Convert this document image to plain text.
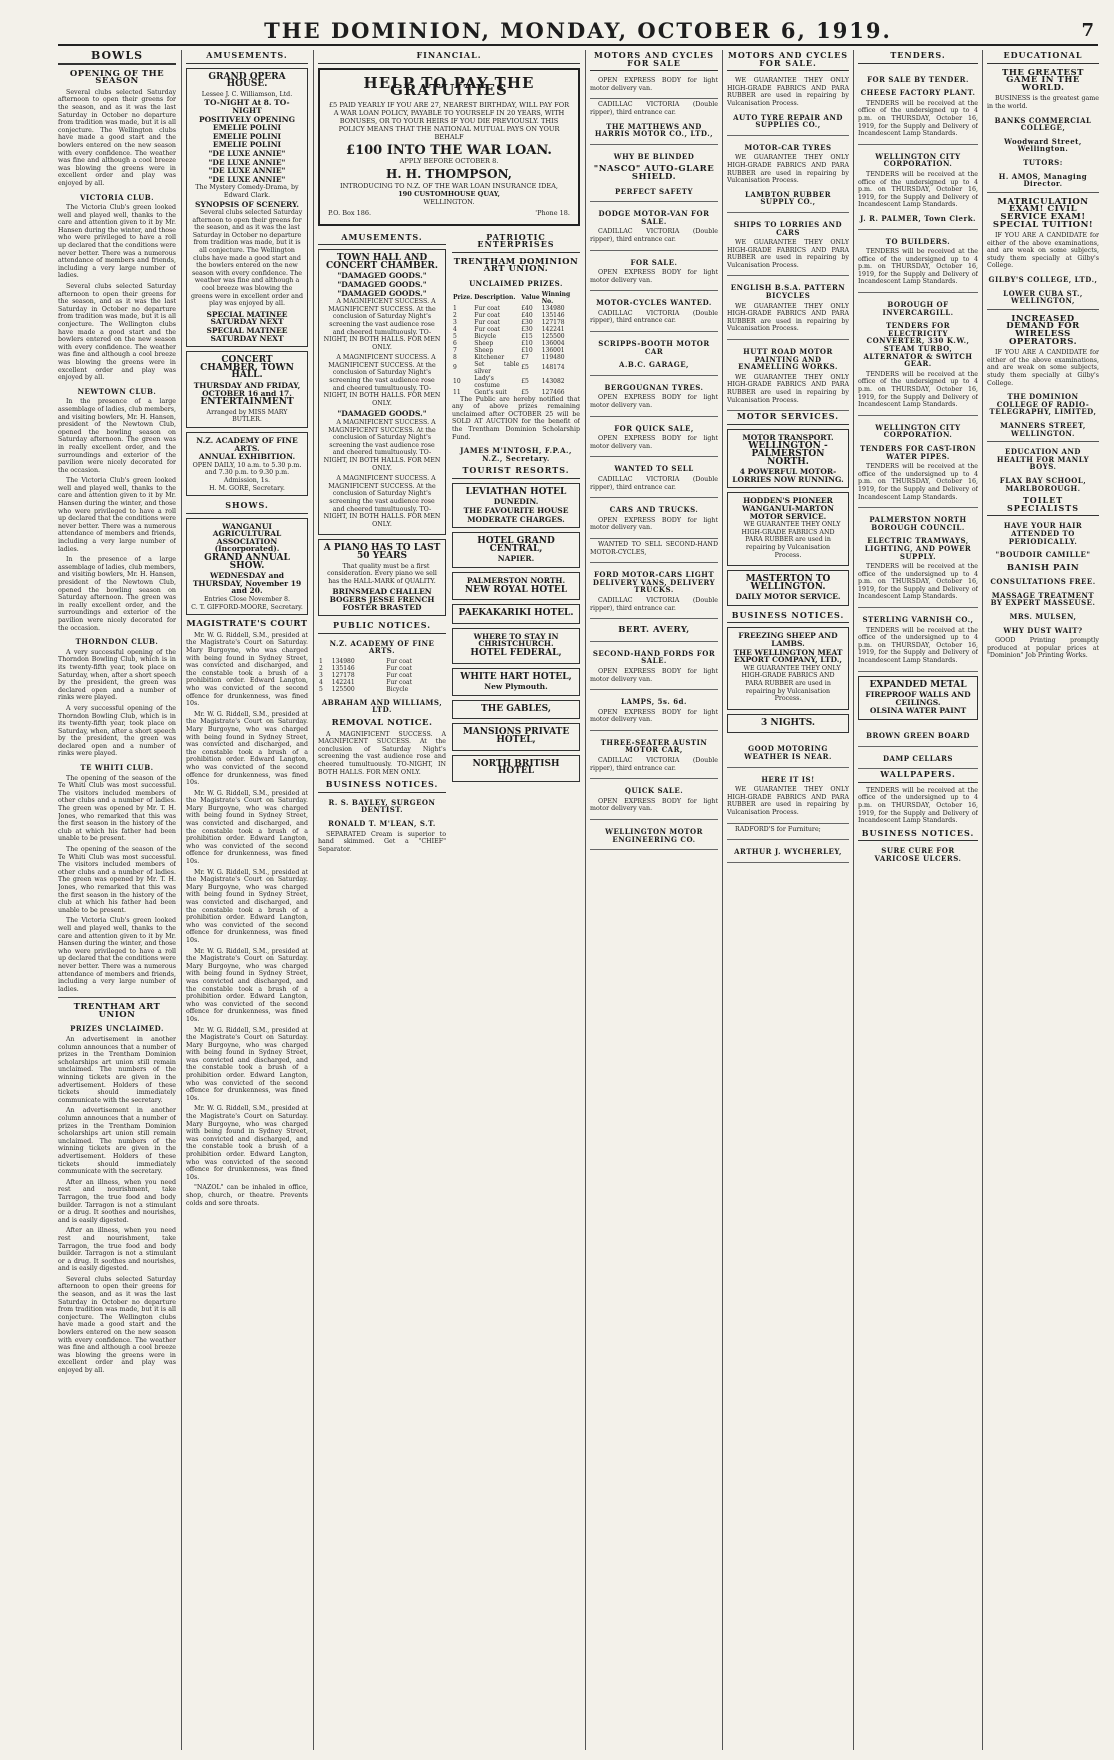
THE DOMINION, MONDAY, OCTOBER 6, 1919.	7
BOWLS
OPENING OF THE SEASON

Several clubs selected Saturday afternoon to open their greens for the season, and as it was the last Saturday in October no departure from tradition was made, but it is all conjecture. The Wellington clubs have made a good start and the bowlers entered on the new season with every confidence. The weather was fine and although a cool breeze was blowing the greens were in excellent order and play was enjoyed by all.

VICTORIA CLUB.

The Victoria Club's green looked well and played well, thanks to the care and attention given to it by Mr. Hansen during the winter, and those who were privileged to have a roll up declared that the conditions were never better. There was a numerous attendance of members and friends, including a very large number of ladies.

Several clubs selected Saturday afternoon to open their greens for the season, and as it was the last Saturday in October no departure from tradition was made, but it is all conjecture. The Wellington clubs have made a good start and the bowlers entered on the new season with every confidence. The weather was fine and although a cool breeze was blowing the greens were in excellent order and play was enjoyed by all.

NEWTOWN CLUB.

In the presence of a large assemblage of ladies, club members, and visiting bowlers, Mr. H. Hansen, president of the Newtown Club, opened the bowling season on Saturday afternoon. The green was in really excellent order, and the surroundings and exterior of the pavilion were nicely decorated for the occasion.

The Victoria Club's green looked well and played well, thanks to the care and attention given to it by Mr. Hansen during the winter, and those who were privileged to have a roll up declared that the conditions were never better. There was a numerous attendance of members and friends, including a very large number of ladies.

In the presence of a large assemblage of ladies, club members, and visiting bowlers, Mr. H. Hansen, president of the Newtown Club, opened the bowling season on Saturday afternoon. The green was in really excellent order, and the surroundings and exterior of the pavilion were nicely decorated for the occasion.

THORNDON CLUB.

A very successful opening of the Thorndon Bowling Club, which is in its twenty-fifth year, took place on Saturday, when, after a short speech by the president, the green was declared open and a number of rinks were played.

A very successful opening of the Thorndon Bowling Club, which is in its twenty-fifth year, took place on Saturday, when, after a short speech by the president, the green was declared open and a number of rinks were played.

TE WHITI CLUB.

The opening of the season of the Te Whiti Club was most successful. The visitors included members of other clubs and a number of ladies. The green was opened by Mr. T. H. Jones, who remarked that this was the first season in the history of the club at which his father had been unable to be present.

The opening of the season of the Te Whiti Club was most successful. The visitors included members of other clubs and a number of ladies. The green was opened by Mr. T. H. Jones, who remarked that this was the first season in the history of the club at which his father had been unable to be present.

The Victoria Club's green looked well and played well, thanks to the care and attention given to it by Mr. Hansen during the winter, and those who were privileged to have a roll up declared that the conditions were never better. There was a numerous attendance of members and friends, including a very large number of ladies.

TRENTHAM ART UNION
PRIZES UNCLAIMED.

An advertisement in another column announces that a number of prizes in the Trentham Dominion scholarships art union still remain unclaimed. The numbers of the winning tickets are given in the advertisement. Holders of these tickets should immediately communicate with the secretary.

An advertisement in another column announces that a number of prizes in the Trentham Dominion scholarships art union still remain unclaimed. The numbers of the winning tickets are given in the advertisement. Holders of these tickets should immediately communicate with the secretary.

After an illness, when you need rest and nourishment, take Tarragon, the true food and body builder. Tarragon is not a stimulant or a drug. It soothes and nourishes, and is easily digested.

After an illness, when you need rest and nourishment, take Tarragon, the true food and body builder. Tarragon is not a stimulant or a drug. It soothes and nourishes, and is easily digested.

Several clubs selected Saturday afternoon to open their greens for the season, and as it was the last Saturday in October no departure from tradition was made, but it is all conjecture. The Wellington clubs have made a good start and the bowlers entered on the new season with every confidence. The weather was fine and although a cool breeze was blowing the greens were in excellent order and play was enjoyed by all.

AMUSEMENTS.
GRAND OPERA HOUSE.
Lessee J. C. Williamson, Ltd.

TO-NIGHT At 8. TO-NIGHT
POSITIVELY OPENING
EMELIE POLINI
EMELIE POLINI
EMELIE POLINI
"DE LUXE ANNIE"
"DE LUXE ANNIE"
"DE LUXE ANNIE"
"DE LUXE ANNIE"
The Mystery Comedy-Drama, by Edward Clark.

SYNOPSIS OF SCENERY.

Several clubs selected Saturday afternoon to open their greens for the season, and as it was the last Saturday in October no departure from tradition was made, but it is all conjecture. The Wellington clubs have made a good start and the bowlers entered on the new season with every confidence. The weather was fine and although a cool breeze was blowing the greens were in excellent order and play was enjoyed by all.

SPECIAL MATINEE SATURDAY NEXT
SPECIAL MATINEE SATURDAY NEXT
CONCERT CHAMBER, TOWN HALL.
THURSDAY AND FRIDAY, OCTOBER 16 and 17.
ENTERTAINMENT
Arranged by MISS MARY BUTLER.
N.Z. ACADEMY OF FINE ARTS.
ANNUAL EXHIBITION.
OPEN DAILY, 10 a.m. to 5.30 p.m. and 7.30 p.m. to 9.30 p.m. Admission, 1s.
H. M. GORE, Secretary.
SHOWS.
WANGANUI AGRICULTURAL ASSOCIATION (Incorporated).
GRAND ANNUAL SHOW.
WEDNESDAY and THURSDAY, November 19 and 20.
Entries Close November 8.
C. T. GIFFORD-MOORE, Secretary.
MAGISTRATE'S COURT

Mr. W. G. Riddell, S.M., presided at the Magistrate's Court on Saturday. Mary Burgoyne, who was charged with being found in Sydney Street, was convicted and discharged, and the constable took a brush of a prohibition order. Edward Langton, who was convicted of the second offence for drunkenness, was fined 10s.

Mr. W. G. Riddell, S.M., presided at the Magistrate's Court on Saturday. Mary Burgoyne, who was charged with being found in Sydney Street, was convicted and discharged, and the constable took a brush of a prohibition order. Edward Langton, who was convicted of the second offence for drunkenness, was fined 10s.

Mr. W. G. Riddell, S.M., presided at the Magistrate's Court on Saturday. Mary Burgoyne, who was charged with being found in Sydney Street, was convicted and discharged, and the constable took a brush of a prohibition order. Edward Langton, who was convicted of the second offence for drunkenness, was fined 10s.

Mr. W. G. Riddell, S.M., presided at the Magistrate's Court on Saturday. Mary Burgoyne, who was charged with being found in Sydney Street, was convicted and discharged, and the constable took a brush of a prohibition order. Edward Langton, who was convicted of the second offence for drunkenness, was fined 10s.

Mr. W. G. Riddell, S.M., presided at the Magistrate's Court on Saturday. Mary Burgoyne, who was charged with being found in Sydney Street, was convicted and discharged, and the constable took a brush of a prohibition order. Edward Langton, who was convicted of the second offence for drunkenness, was fined 10s.

Mr. W. G. Riddell, S.M., presided at the Magistrate's Court on Saturday. Mary Burgoyne, who was charged with being found in Sydney Street, was convicted and discharged, and the constable took a brush of a prohibition order. Edward Langton, who was convicted of the second offence for drunkenness, was fined 10s.

Mr. W. G. Riddell, S.M., presided at the Magistrate's Court on Saturday. Mary Burgoyne, who was charged with being found in Sydney Street, was convicted and discharged, and the constable took a brush of a prohibition order. Edward Langton, who was convicted of the second offence for drunkenness, was fined 10s.

"NAZOL" can be inhaled in office, shop, church, or theatre. Prevents colds and sore throats.

FINANCIAL.
HELP TO PAY THE GRATUITIES
£5 PAID YEARLY IF YOU ARE 27, NEAREST BIRTHDAY, WILL PAY FOR A WAR LOAN POLICY, PAYABLE TO YOURSELF IN 20 YEARS, WITH BONUSES, OR TO YOUR HEIRS IF YOU DIE PREVIOUSLY. THIS POLICY MEANS THAT THE NATIONAL MUTUAL PAYS ON YOUR BEHALF
£100 INTO THE WAR LOAN.
APPLY BEFORE OCTOBER 8.
H. H. THOMPSON,
INTRODUCING TO N.Z. OF THE WAR LOAN INSURANCE IDEA,
190 CUSTOMHOUSE QUAY,
WELLINGTON.
P.O. Box 186.	'Phone 18.
AMUSEMENTS.
TOWN HALL AND CONCERT CHAMBER.
"DAMAGED GOODS."
"DAMAGED GOODS."
"DAMAGED GOODS."

A MAGNIFICENT SUCCESS. A MAGNIFICENT SUCCESS. At the conclusion of Saturday Night's screening the vast audience rose and cheered tumultuously. TO-NIGHT, IN BOTH HALLS. FOR MEN ONLY.

A MAGNIFICENT SUCCESS. A MAGNIFICENT SUCCESS. At the conclusion of Saturday Night's screening the vast audience rose and cheered tumultuously. TO-NIGHT, IN BOTH HALLS. FOR MEN ONLY.

"DAMAGED GOODS."

A MAGNIFICENT SUCCESS. A MAGNIFICENT SUCCESS. At the conclusion of Saturday Night's screening the vast audience rose and cheered tumultuously. TO-NIGHT, IN BOTH HALLS. FOR MEN ONLY.

A MAGNIFICENT SUCCESS. A MAGNIFICENT SUCCESS. At the conclusion of Saturday Night's screening the vast audience rose and cheered tumultuously. TO-NIGHT, IN BOTH HALLS. FOR MEN ONLY.

A PIANO HAS TO LAST 50 YEARS

That quality must be a first consideration. Every piano we sell has the HALL-MARK of QUALITY.

BRINSMEAD CHALLEN BOGERS JESSE FRENCH FOSTER BRASTED
PUBLIC NOTICES.
N.Z. ACADEMY OF FINE ARTS.
1	134980	Fur coat
2	135146	Fur coat
3	127178	Fur coat
4	142241	Fur coat
5	125500	Bicycle
ABRAHAM AND WILLIAMS, LTD.
REMOVAL NOTICE.

A MAGNIFICENT SUCCESS. A MAGNIFICENT SUCCESS. At the conclusion of Saturday Night's screening the vast audience rose and cheered tumultuously. TO-NIGHT, IN BOTH HALLS. FOR MEN ONLY.

BUSINESS NOTICES.
R. S. BAYLEY, SURGEON DENTIST.
RONALD T. M'LEAN, S.T.

SEPARATED Cream is superior to hand skimmed. Get a "CHIEF" Separator.

PATRIOTIC ENTERPRISES
TRENTHAM DOMINION ART UNION.
UNCLAIMED PRIZES.
Prize.	Description.	Value	Winning No.
1	Fur coat	£40	134980
2	Fur coat	£40	135146
3	Fur coat	£30	127178
4	Fur coat	£30	142241
5	Bicycle	£15	125500
6	Sheep	£10	136004
7	Sheep	£10	136001
8	Kitchener	£7	119480
9	Set table silver	£5	148174
10	Lady's costume	£5	143082
11	Gent's suit	£5	127466

The Public are hereby notified that any of above prizes remaining unclaimed after OCTOBER 25 will be SOLD AT AUCTION for the benefit of the Trentham Dominion Scholarship Fund.

JAMES M'INTOSH, F.P.A., N.Z., Secretary.
TOURIST RESORTS.
LEVIATHAN HOTEL
DUNEDIN.
THE FAVOURITE HOUSE
MODERATE CHARGES.
HOTEL GRAND CENTRAL,
NAPIER.
PALMERSTON NORTH.
NEW ROYAL HOTEL
PAEKAKARIKI HOTEL.
WHERE TO STAY IN CHRISTCHURCH.
HOTEL FEDERAL,
WHITE HART HOTEL,
New Plymouth.
THE GABLES,
MANSIONS PRIVATE HOTEL,
NORTH BRITISH HOTEL
MOTORS AND CYCLES FOR SALE

OPEN EXPRESS BODY for light motor delivery van.

CADILLAC VICTORIA (Double ripper), third entrance car.

THE MATTHEWS AND HARRIS MOTOR CO., LTD.,
WHY BE BLINDED
"NASCO" AUTO-GLARE SHIELD.
PERFECT SAFETY
DODGE MOTOR-VAN FOR SALE.

CADILLAC VICTORIA (Double ripper), third entrance car.

FOR SALE.

OPEN EXPRESS BODY for light motor delivery van.

MOTOR-CYCLES WANTED.

CADILLAC VICTORIA (Double ripper), third entrance car.

SCRIPPS-BOOTH MOTOR CAR
A.B.C. GARAGE,
BERGOUGNAN TYRES.

OPEN EXPRESS BODY for light motor delivery van.

FOR QUICK SALE,

OPEN EXPRESS BODY for light motor delivery van.

WANTED TO SELL

CADILLAC VICTORIA (Double ripper), third entrance car.

CARS AND TRUCKS.

OPEN EXPRESS BODY for light motor delivery van.

WANTED TO SELL SECOND-HAND MOTOR-CYCLES,

FORD MOTOR-CARS LIGHT DELIVERY VANS, DELIVERY TRUCKS.

CADILLAC VICTORIA (Double ripper), third entrance car.

BERT. AVERY,
SECOND-HAND FORDS FOR SALE.

OPEN EXPRESS BODY for light motor delivery van.

LAMPS, 5s. 6d.

OPEN EXPRESS BODY for light motor delivery van.

THREE-SEATER AUSTIN MOTOR CAR,

CADILLAC VICTORIA (Double ripper), third entrance car.

QUICK SALE.

OPEN EXPRESS BODY for light motor delivery van.

WELLINGTON MOTOR ENGINEERING CO.
MOTORS AND CYCLES FOR SALE.

WE GUARANTEE THEY ONLY HIGH-GRADE FABRICS AND PARA RUBBER are used in repairing by Vulcanisation Process.

AUTO TYRE REPAIR AND SUPPLIES CO.,
MOTOR-CAR TYRES

WE GUARANTEE THEY ONLY HIGH-GRADE FABRICS AND PARA RUBBER are used in repairing by Vulcanisation Process.

LAMBTON RUBBER SUPPLY CO.,
SHIPS TO LORRIES AND CARS

WE GUARANTEE THEY ONLY HIGH-GRADE FABRICS AND PARA RUBBER are used in repairing by Vulcanisation Process.

ENGLISH B.S.A. PATTERN BICYCLES

WE GUARANTEE THEY ONLY HIGH-GRADE FABRICS AND PARA RUBBER are used in repairing by Vulcanisation Process.

HUTT ROAD MOTOR PAINTING AND ENAMELLING WORKS.

WE GUARANTEE THEY ONLY HIGH-GRADE FABRICS AND PARA RUBBER are used in repairing by Vulcanisation Process.

MOTOR SERVICES.
MOTOR TRANSPORT.
WELLINGTON - PALMERSTON NORTH.
4 POWERFUL MOTOR-LORRIES NOW RUNNING.
HODDEN'S PIONEER WANGANUI-MARTON MOTOR SERVICE.

WE GUARANTEE THEY ONLY HIGH-GRADE FABRICS AND PARA RUBBER are used in repairing by Vulcanisation Process.

MASTERTON TO WELLINGTON.
DAILY MOTOR SERVICE.
BUSINESS NOTICES.
FREEZING SHEEP AND LAMBS.
THE WELLINGTON MEAT EXPORT COMPANY, LTD.,

WE GUARANTEE THEY ONLY HIGH-GRADE FABRICS AND PARA RUBBER are used in repairing by Vulcanisation Process.

3 NIGHTS.
GOOD MOTORING WEATHER IS NEAR.
HERE IT IS!

WE GUARANTEE THEY ONLY HIGH-GRADE FABRICS AND PARA RUBBER are used in repairing by Vulcanisation Process.

RADFORD'S for Furniture;

ARTHUR J. WYCHERLEY,
TENDERS.
FOR SALE BY TENDER.
CHEESE FACTORY PLANT.

TENDERS will be received at the office of the undersigned up to 4 p.m. on THURSDAY, October 16, 1919, for the Supply and Delivery of Incandescent Lamp Standards.

WELLINGTON CITY CORPORATION.

TENDERS will be received at the office of the undersigned up to 4 p.m. on THURSDAY, October 16, 1919, for the Supply and Delivery of Incandescent Lamp Standards.

J. R. PALMER, Town Clerk.
TO BUILDERS.

TENDERS will be received at the office of the undersigned up to 4 p.m. on THURSDAY, October 16, 1919, for the Supply and Delivery of Incandescent Lamp Standards.

BOROUGH OF INVERCARGILL.
TENDERS FOR ELECTRICITY CONVERTER, 330 K.W., STEAM TURBO, ALTERNATOR & SWITCH GEAR.

TENDERS will be received at the office of the undersigned up to 4 p.m. on THURSDAY, October 16, 1919, for the Supply and Delivery of Incandescent Lamp Standards.

WELLINGTON CITY CORPORATION.
TENDERS FOR CAST-IRON WATER PIPES.

TENDERS will be received at the office of the undersigned up to 4 p.m. on THURSDAY, October 16, 1919, for the Supply and Delivery of Incandescent Lamp Standards.

PALMERSTON NORTH BOROUGH COUNCIL.
ELECTRIC TRAMWAYS, LIGHTING, AND POWER SUPPLY.

TENDERS will be received at the office of the undersigned up to 4 p.m. on THURSDAY, October 16, 1919, for the Supply and Delivery of Incandescent Lamp Standards.

STERLING VARNISH CO.,

TENDERS will be received at the office of the undersigned up to 4 p.m. on THURSDAY, October 16, 1919, for the Supply and Delivery of Incandescent Lamp Standards.

EXPANDED METAL
FIREPROOF WALLS AND CEILINGS.
OLSINA WATER PAINT
BROWN GREEN BOARD
DAMP CELLARS
WALLPAPERS.

TENDERS will be received at the office of the undersigned up to 4 p.m. on THURSDAY, October 16, 1919, for the Supply and Delivery of Incandescent Lamp Standards.

BUSINESS NOTICES.
SURE CURE FOR VARICOSE ULCERS.
EDUCATIONAL
THE GREATEST GAME IN THE WORLD.

BUSINESS is the greatest game in the world.

BANKS COMMERCIAL COLLEGE,
Woodward Street, Wellington.
TUTORS:
H. AMOS, Managing Director.
MATRICULATION EXAM! CIVIL SERVICE EXAM! SPECIAL TUITION!

IF YOU ARE A CANDIDATE for either of the above examinations, and are weak on some subjects, study them specially at Gilby's College.

GILBY'S COLLEGE, LTD.,
LOWER CUBA ST., WELLINGTON,
INCREASED DEMAND FOR WIRELESS OPERATORS.

IF YOU ARE A CANDIDATE for either of the above examinations, and are weak on some subjects, study them specially at Gilby's College.

THE DOMINION COLLEGE OF RADIO-TELEGRAPHY, LIMITED,
MANNERS STREET, WELLINGTON.
EDUCATION AND HEALTH FOR MANLY BOYS.
FLAX BAY SCHOOL, MARLBOROUGH.
TOILET SPECIALISTS
HAVE YOUR HAIR ATTENDED TO PERIODICALLY.
"BOUDOIR CAMILLE"
BANISH PAIN
CONSULTATIONS FREE.
MASSAGE TREATMENT BY EXPERT MASSEUSE.
MRS. MULSEN,
WHY DUST WAIT?

GOOD Printing promptly produced at popular prices at "Dominion" Job Printing Works.
